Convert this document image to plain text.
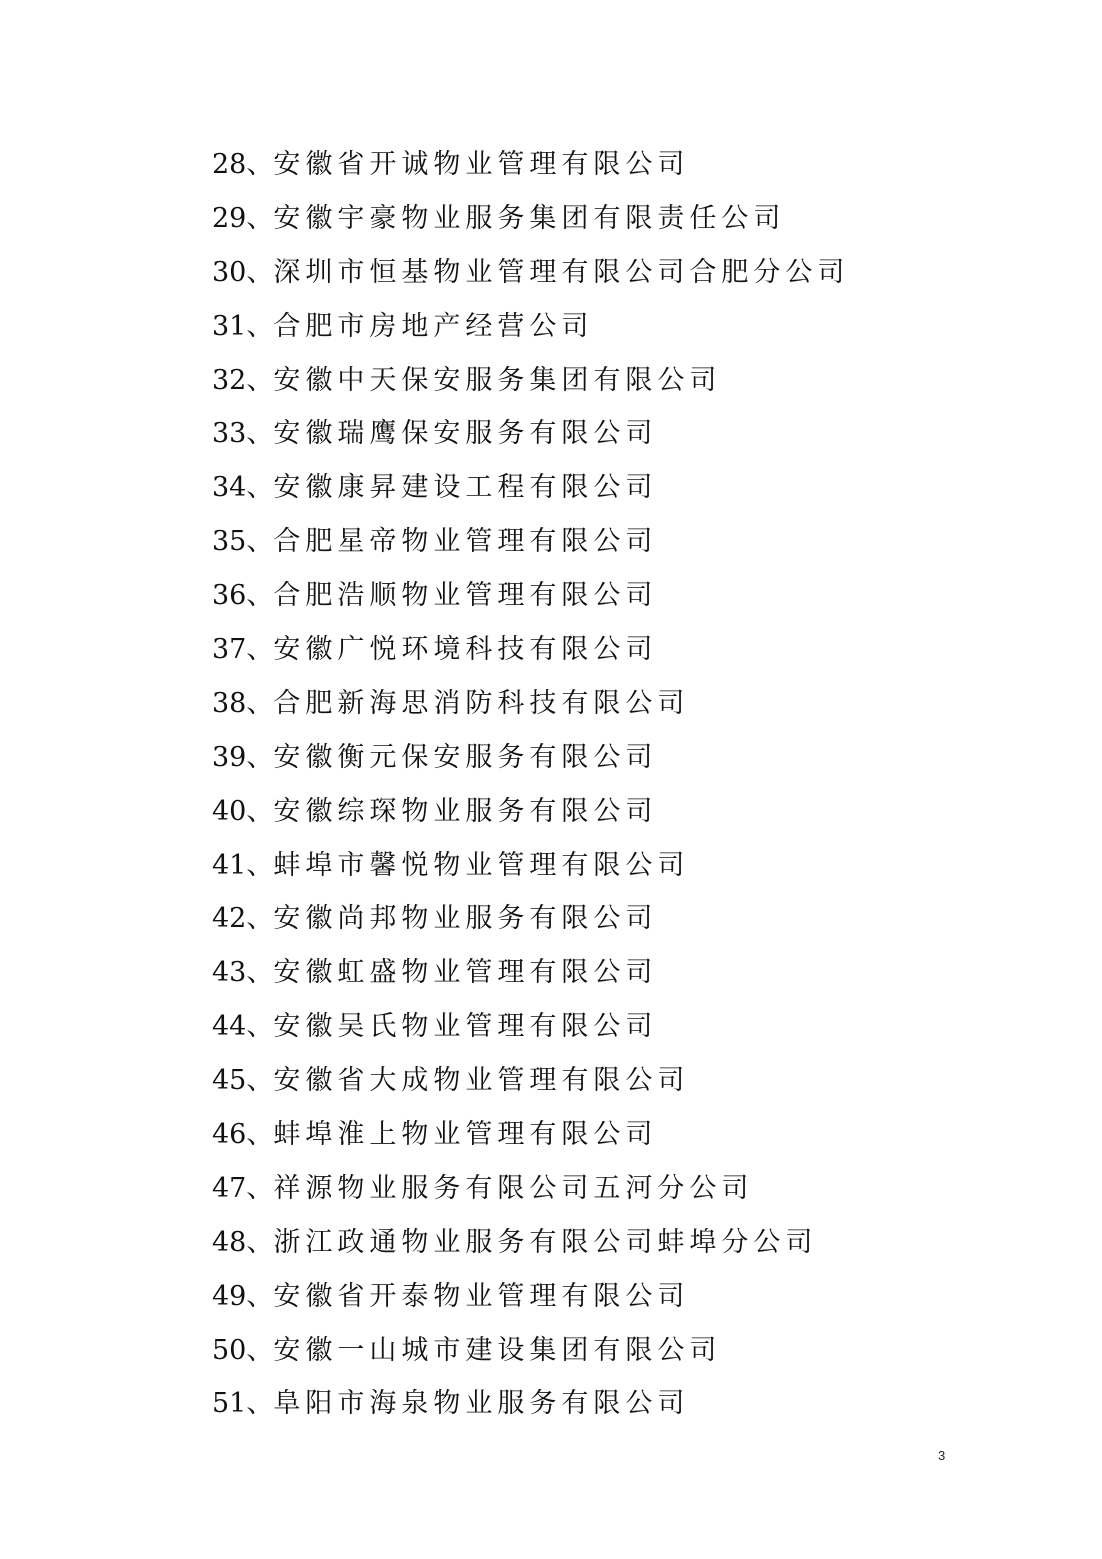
28、安徽省开诚物业管理有限公司
29、安徽宇豪物业服务集团有限责任公司
30、深圳市恒基物业管理有限公司合肥分公司
31、合肥市房地产经营公司
32、安徽中天保安服务集团有限公司
33、安徽瑞鹰保安服务有限公司
34、安徽康昇建设工程有限公司
35、合肥星帝物业管理有限公司
36、合肥浩顺物业管理有限公司
37、安徽广悦环境科技有限公司
38、合肥新海思消防科技有限公司
39、安徽衡元保安服务有限公司
40、安徽综琛物业服务有限公司
41、蚌埠市馨悦物业管理有限公司
42、安徽尚邦物业服务有限公司
43、安徽虹盛物业管理有限公司
44、安徽吴氏物业管理有限公司
45、安徽省大成物业管理有限公司
46、蚌埠淮上物业管理有限公司
47、祥源物业服务有限公司五河分公司
48、浙江政通物业服务有限公司蚌埠分公司
49、安徽省开泰物业管理有限公司
50、安徽一山城市建设集团有限公司
51、阜阳市海泉物业服务有限公司
3
